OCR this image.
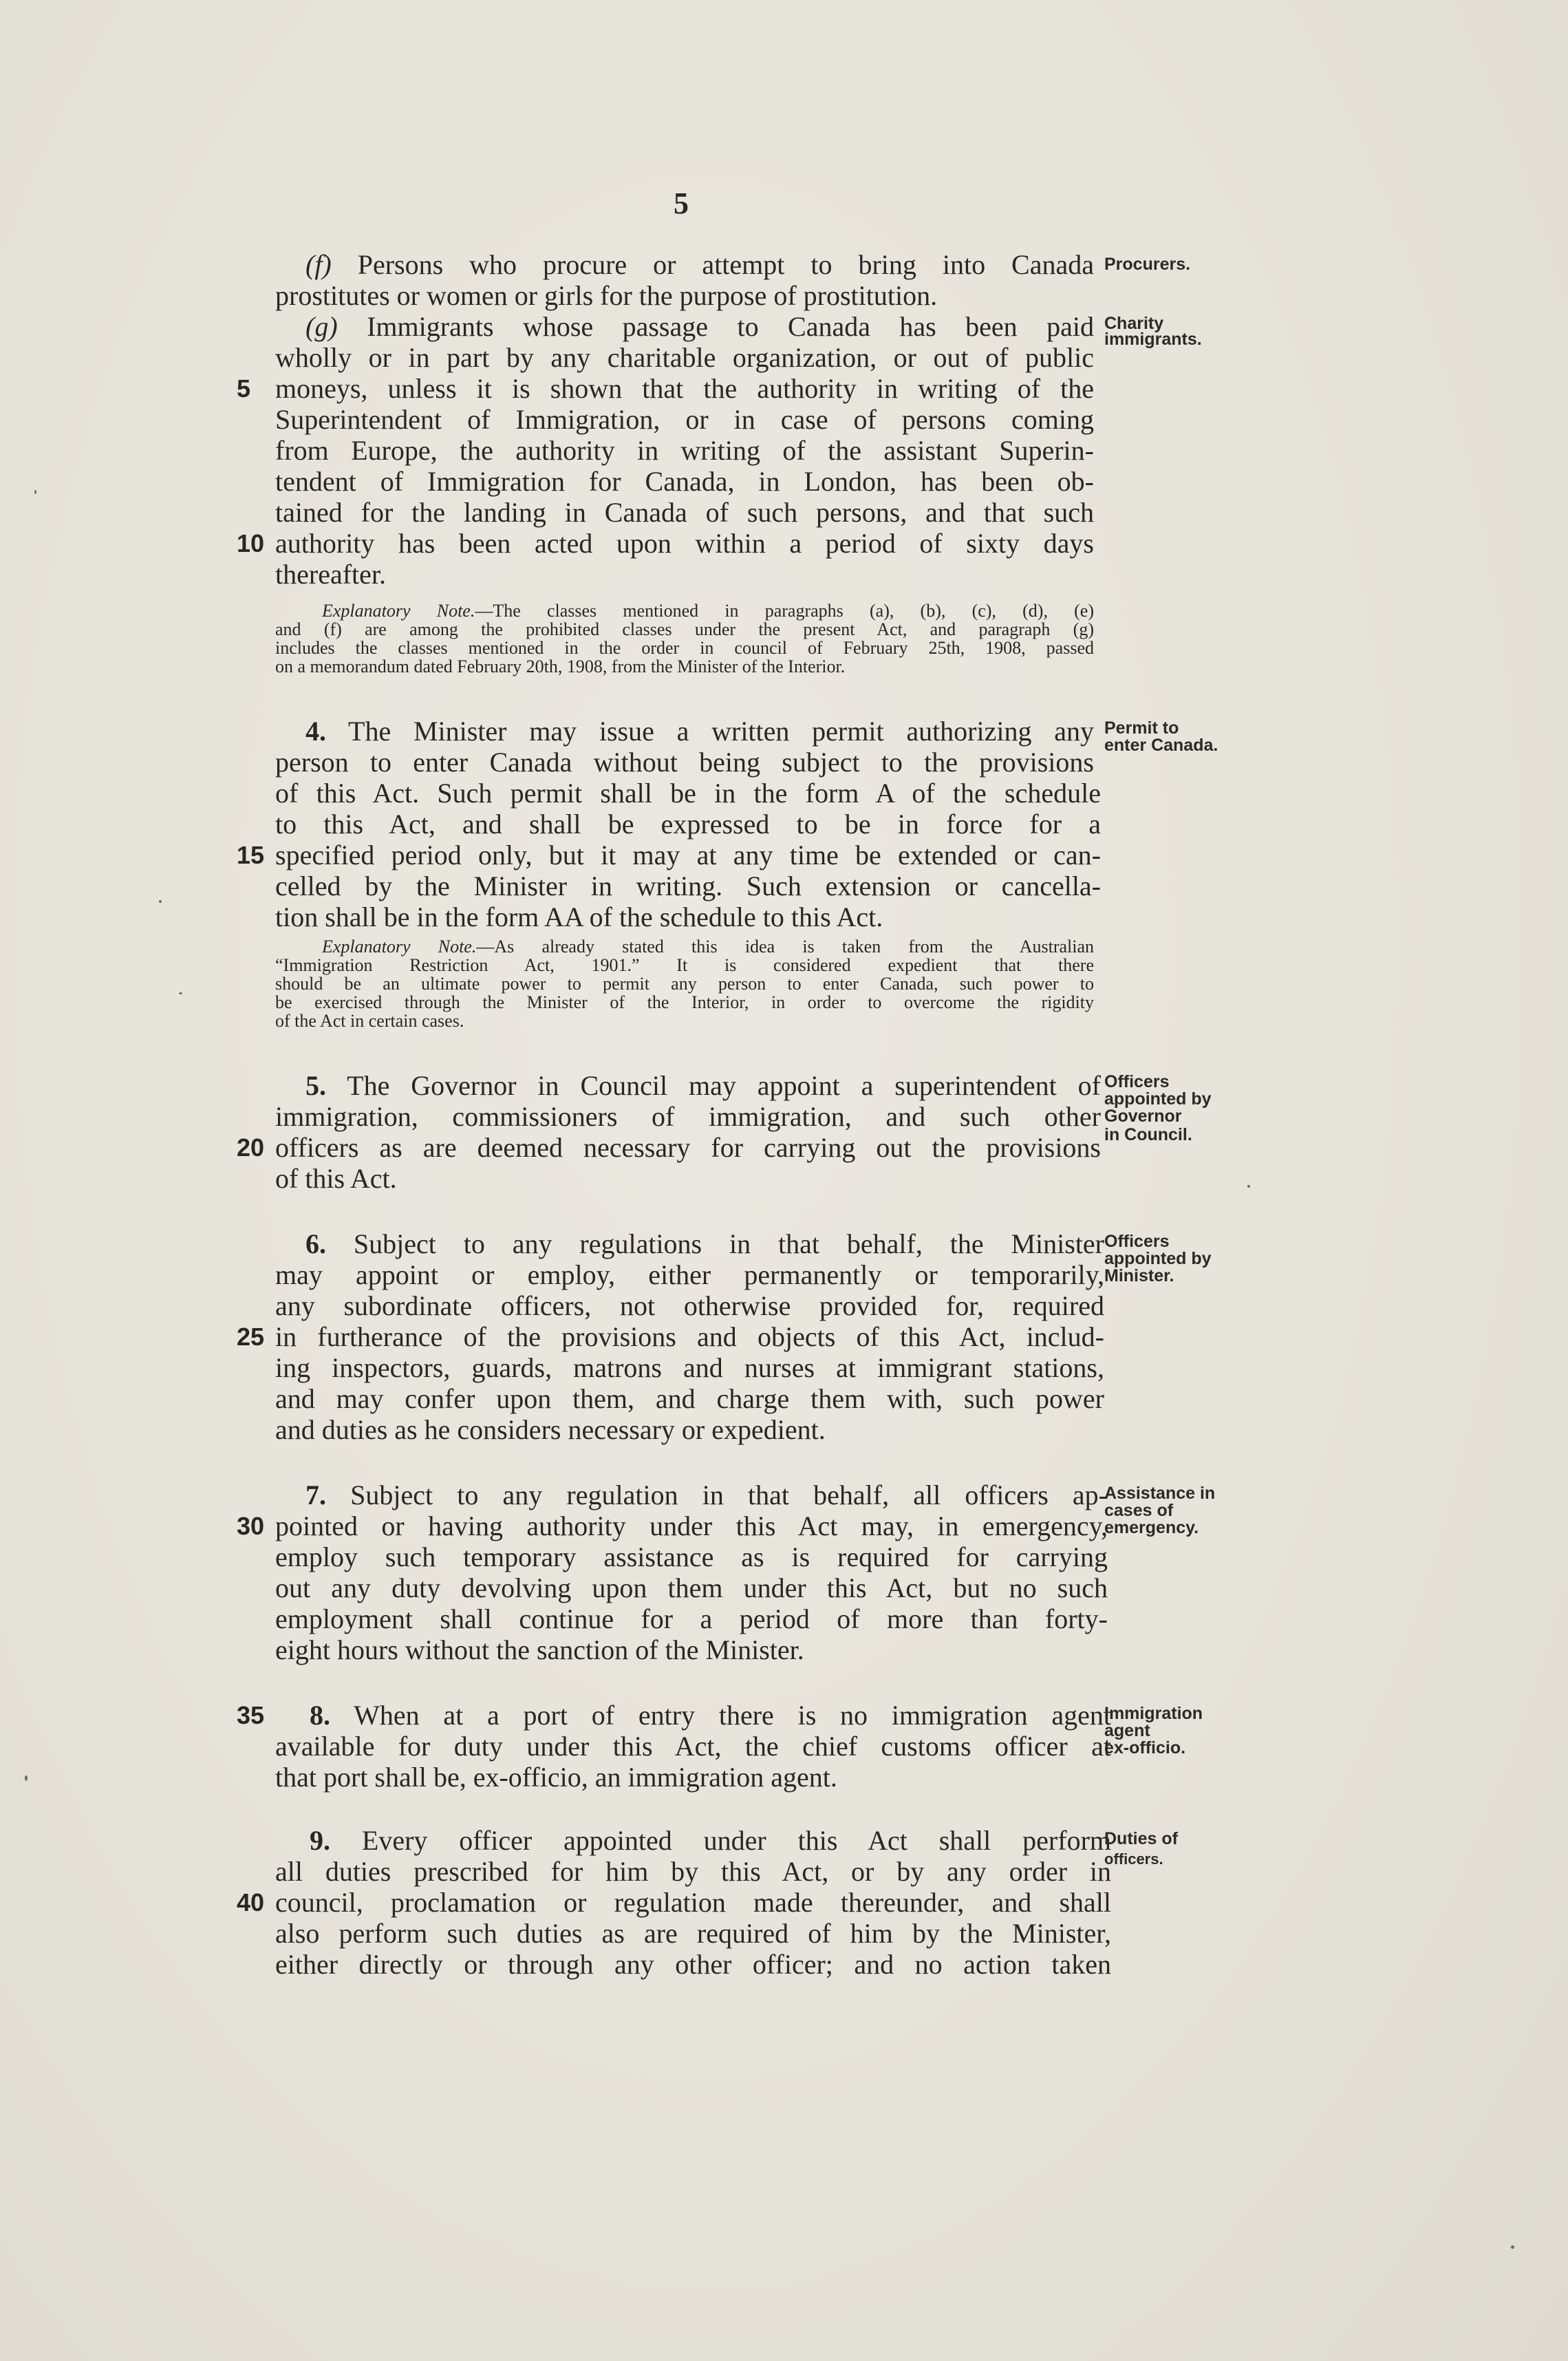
5
(f) Persons who procure or attempt to bring into Canada
prostitutes or women or girls for the purpose of prostitution.
(g) Immigrants whose passage to Canada has been paid
wholly or in part by any charitable organization, or out of public
5 moneys, unless it is shown that the authority in writing of the
Superintendent of Immigration, or in case of persons coming
from Europe, the authority in writing of the assistant Superin-
tendent of Immigration for Canada, in London, has been ob-
tained for the landing in Canada of such persons, and that such
10 authority has been acted upon within a period of sixty days
thereafter.
Explanatory Note.—The classes mentioned in paragraphs (a), (b), (c), (d), (e)
and (f) are among the prohibited classes under the present Act, and paragraph (g)
includes the classes mentioned in the order in council of February 25th, 1908, passed
on a memorandum dated February 20th, 1908, from the Minister of the Interior.
4. The Minister may issue a written permit authorizing any
person to enter Canada without being subject to the provisions
of this Act. Such permit shall be in the form A of the schedule
to this Act, and shall be expressed to be in force for a
15 specified period only, but it may at any time be extended or can-
celled by the Minister in writing. Such extension or cancella-
tion shall be in the form AA of the schedule to this Act.
Explanatory Note.—As already stated this idea is taken from the Australian
“Immigration Restriction Act, 1901.” It is considered expedient that there
should be an ultimate power to permit any person to enter Canada, such power to
be exercised through the Minister of the Interior, in order to overcome the rigidity
of the Act in certain cases.
5. The Governor in Council may appoint a superintendent of
immigration, commissioners of immigration, and such other
20 officers as are deemed necessary for carrying out the provisions
of this Act.
6. Subject to any regulations in that behalf, the Minister
may appoint or employ, either permanently or temporarily,
any subordinate officers, not otherwise provided for, required
25 in furtherance of the provisions and objects of this Act, includ-
ing inspectors, guards, matrons and nurses at immigrant stations,
and may confer upon them, and charge them with, such power
and duties as he considers necessary or expedient.
7. Subject to any regulation in that behalf, all officers ap-
30 pointed or having authority under this Act may, in emergency,
employ such temporary assistance as is required for carrying
out any duty devolving upon them under this Act, but no such
employment shall continue for a period of more than forty-
eight hours without the sanction of the Minister.
35 8. When at a port of entry there is no immigration agent
available for duty under this Act, the chief customs officer at
that port shall be, ex-officio, an immigration agent.
9. Every officer appointed under this Act shall perform
all duties prescribed for him by this Act, or by any order in
40 council, proclamation or regulation made thereunder, and shall
also perform such duties as are required of him by the Minister,
either directly or through any other officer; and no action taken
Procurers.
Charity
immigrants.
Permit to
enter Canada.
Officers
appointed by
Governor
in Council.
Officers
appointed by
Minister.
Assistance in
cases of
emergency.
Immigration
agent
ex-officio.
Duties of
officers.
